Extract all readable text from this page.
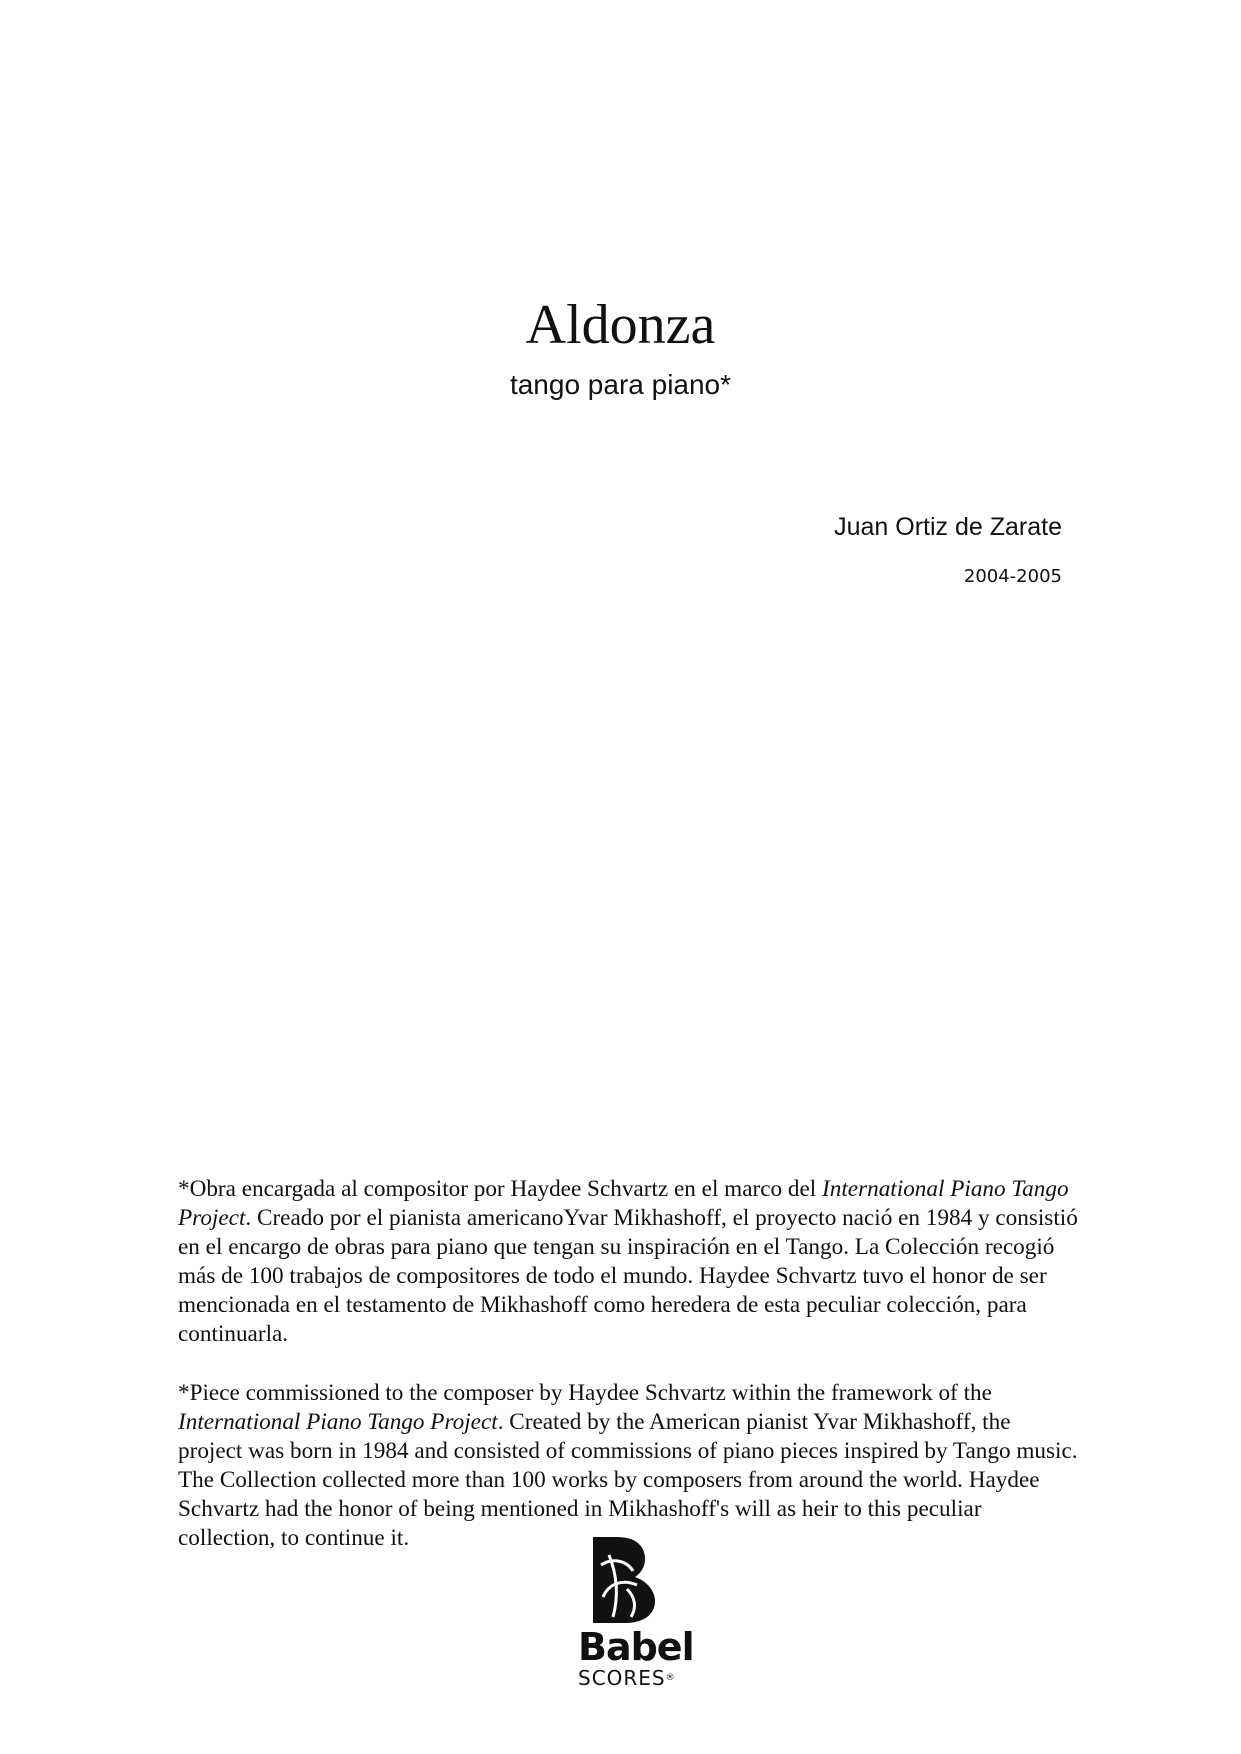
Aldonza
tango para piano*
Juan Ortiz de Zarate
2004-2005

*Obra encargada al compositor por Haydee Schvartz en el marco del International Piano Tango Project. Creado por el pianista americanoYvar Mikhashoff, el proyecto nació en 1984 y consistió en el encargo de obras para piano que tengan su inspiración en el Tango. La Colección recogió más de 100 trabajos de compositores de todo el mundo. Haydee Schvartz tuvo el honor de ser mencionada en el testamento de Mikhashoff como heredera de esta peculiar colección, para continuarla.

*Piece commissioned to the composer by Haydee Schvartz within the framework of the International Piano Tango Project. Created by the American pianist Yvar Mikhashoff, the project was born in 1984 and consisted of commissions of piano pieces inspired by Tango music. The Collection collected more than 100 works by composers from around the world. Haydee Schvartz had the honor of being mentioned in Mikhashoff's will as heir to this peculiar collection, to continue it.

Babel
SCORES®
